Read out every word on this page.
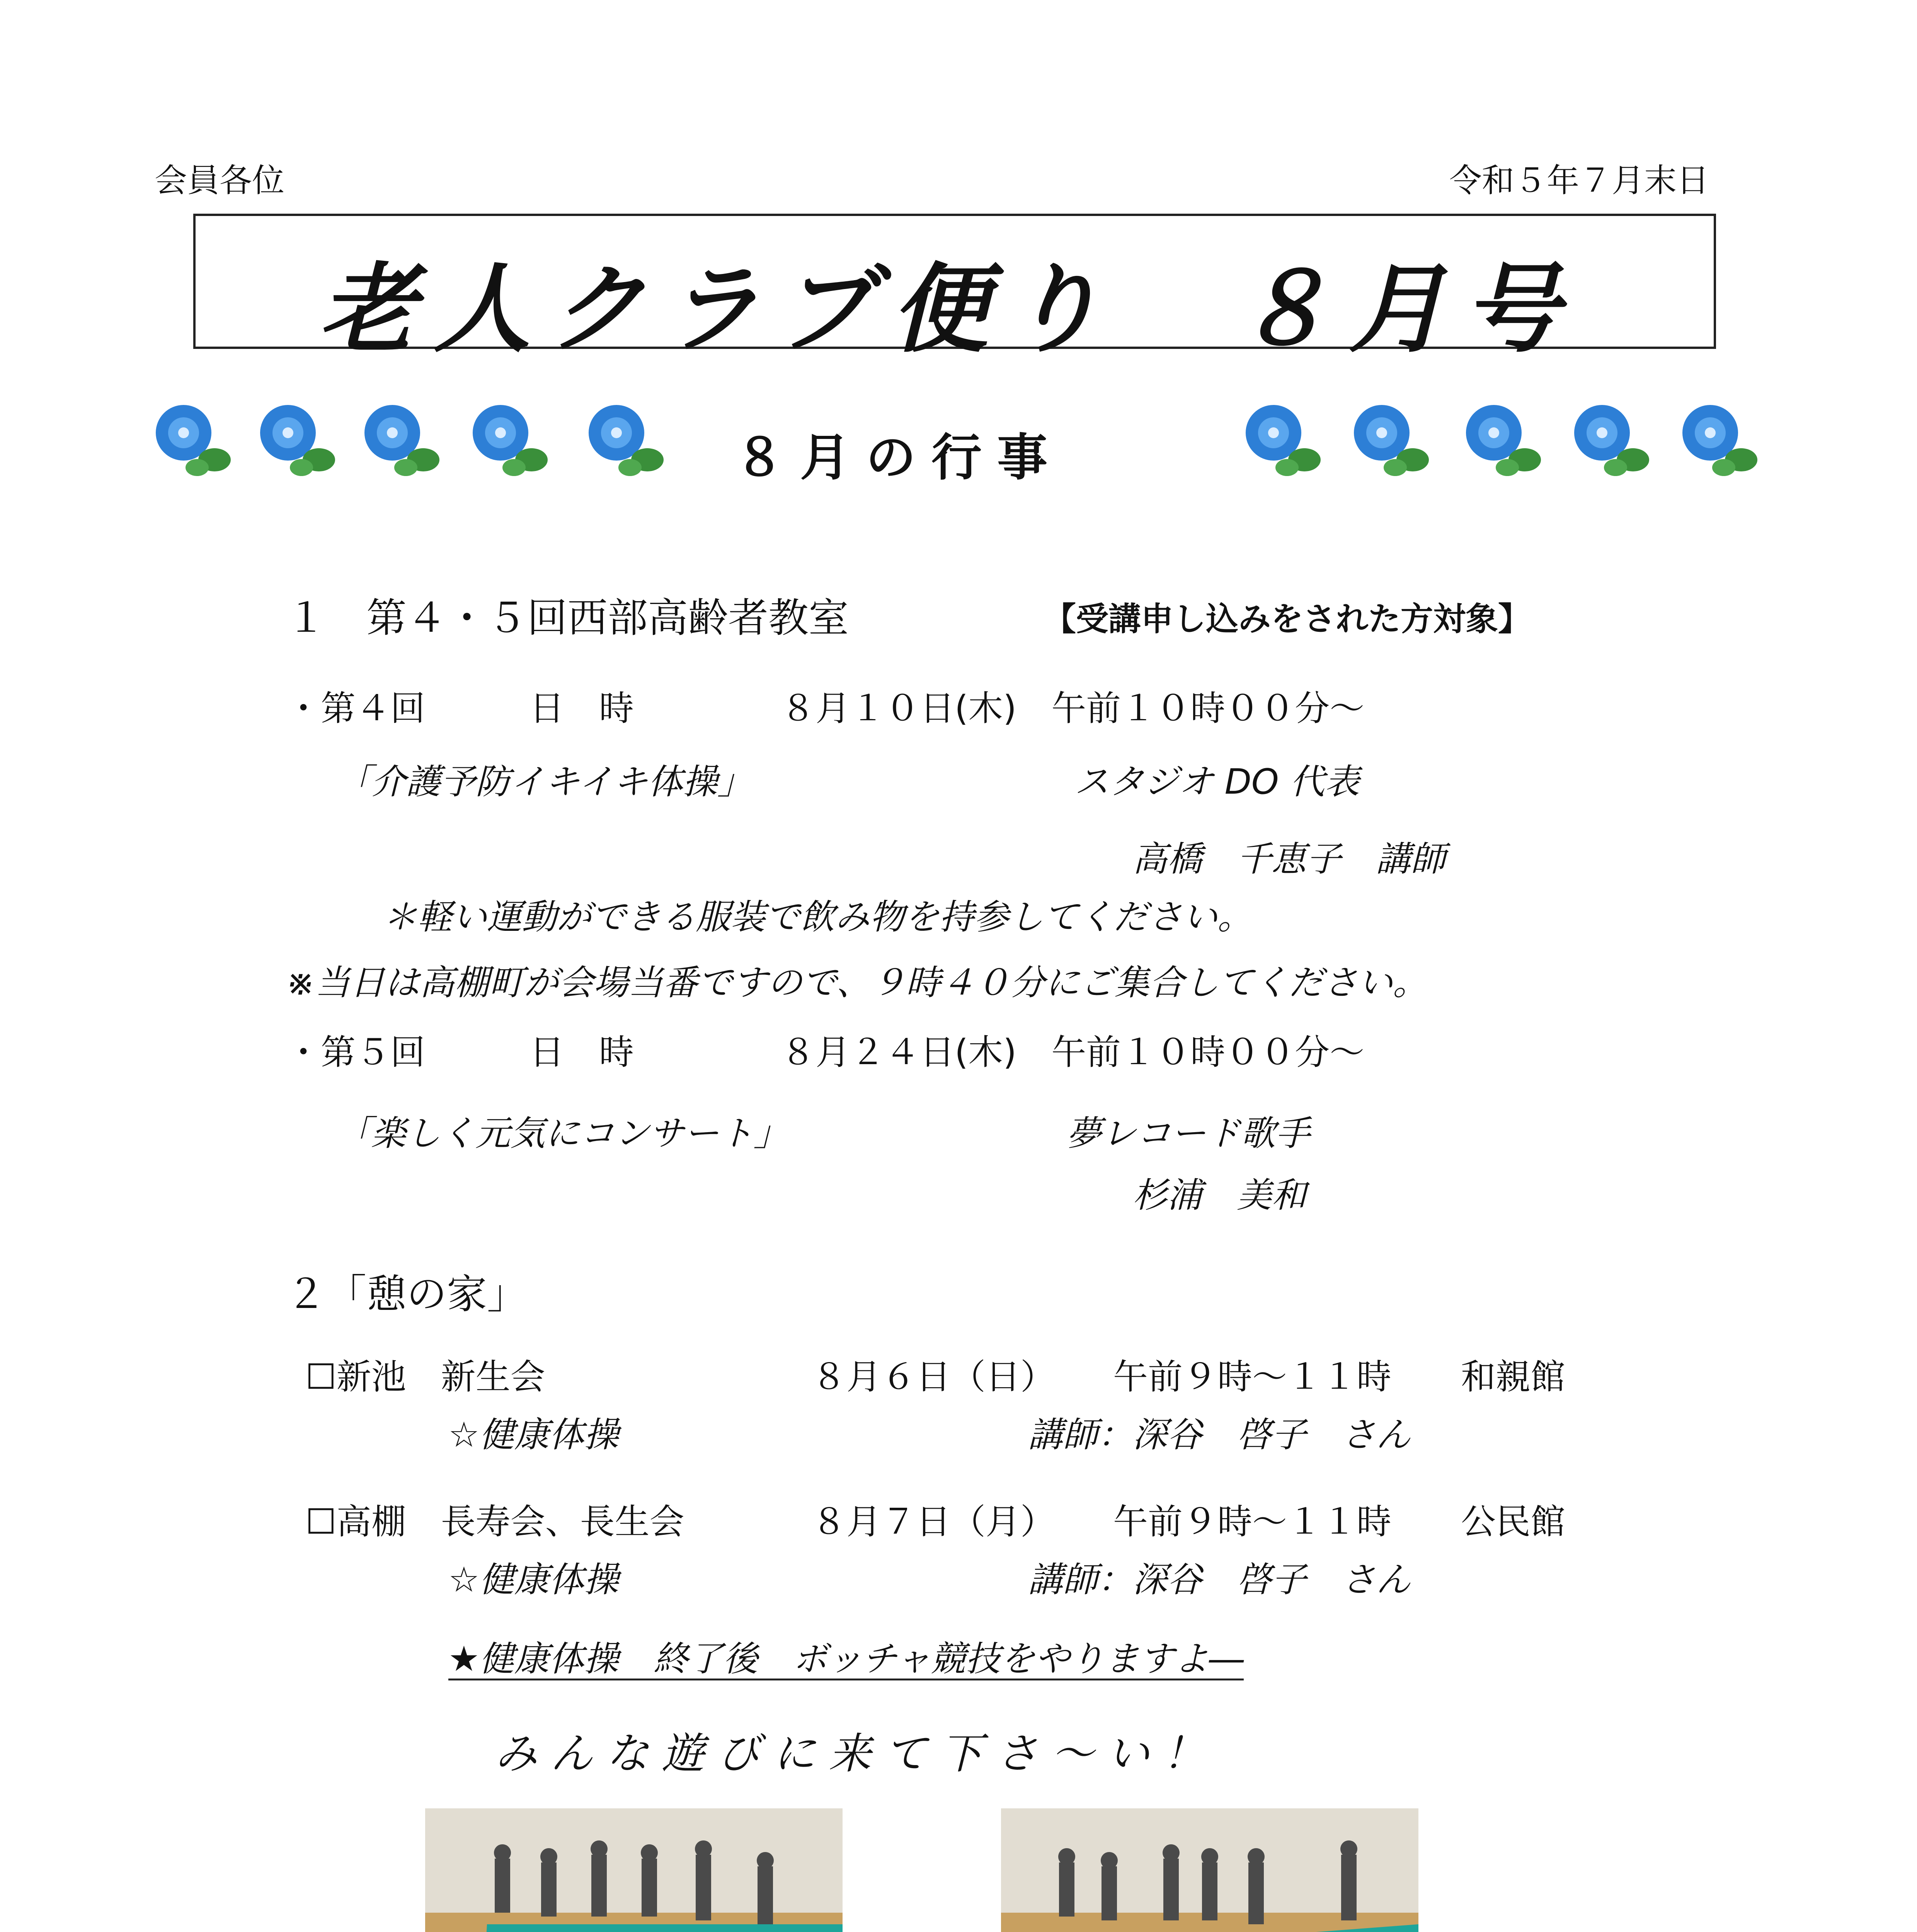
会員各位	令和５年７月末日
老人クラブ便り　８月号
８月の行事
１　第４・５回西部高齢者教室	【受講申し込みをされた方対象】
・第４回	日　時	８月１０日(木)　午前１０時００分～
「介護予防イキイキ体操」	スタジオ DO 代表
高橋　千恵子　講師
＊軽い運動ができる服装で飲み物を持参してください。
※当日は高棚町が会場当番ですので、９時４０分にご集合してください。
・第５回	日　時	８月２４日(木)　午前１０時００分～
「楽しく元気にコンサート」	夢レコード歌手
杉浦　美和
２「憩の家」
☐新池　新生会	８月６日（日） 午前９時～１１時 和親館
☆健康体操	講師：深谷　啓子　さん
☐高棚　長寿会、長生会	８月７日（月） 午前９時～１１時 公民館
☆健康体操	講師：深谷　啓子　さん
★健康体操　終了後　ボッチャ競技をやりますよ―
みんな遊びに来て下さ～い！
